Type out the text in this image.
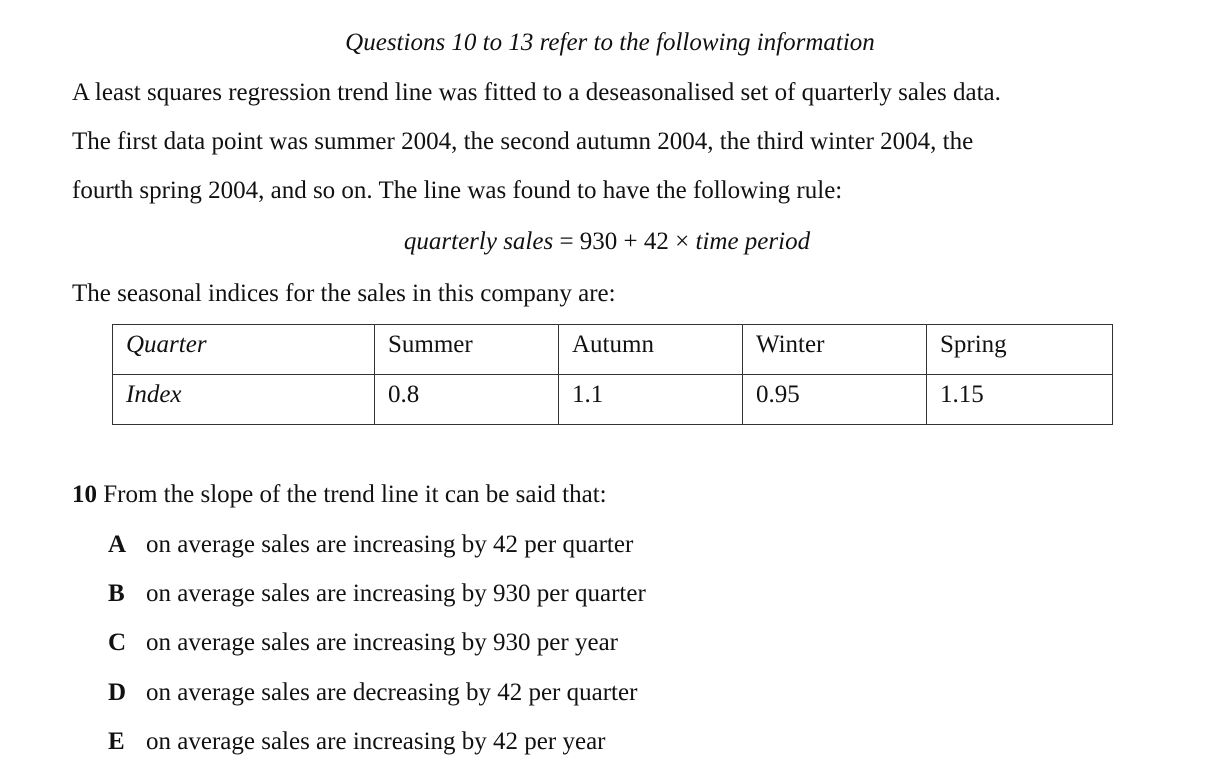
Questions 10 to 13 refer to the following information
A least squares regression trend line was fitted to a deseasonalised set of quarterly sales data.
The first data point was summer 2004, the second autumn 2004, the third winter 2004, the
fourth spring 2004, and so on. The line was found to have the following rule:
quarterly sales = 930 + 42 × time period
The seasonal indices for the sales in this company are:
Quarter	Summer	Autumn	Winter	Spring

Index	0.8	1.1	0.95	1.15
10 From the slope of the trend line it can be said that:
A on average sales are increasing by 42 per quarter
B on average sales are increasing by 930 per quarter
C on average sales are increasing by 930 per year
D on average sales are decreasing by 42 per quarter
E on average sales are increasing by 42 per year
